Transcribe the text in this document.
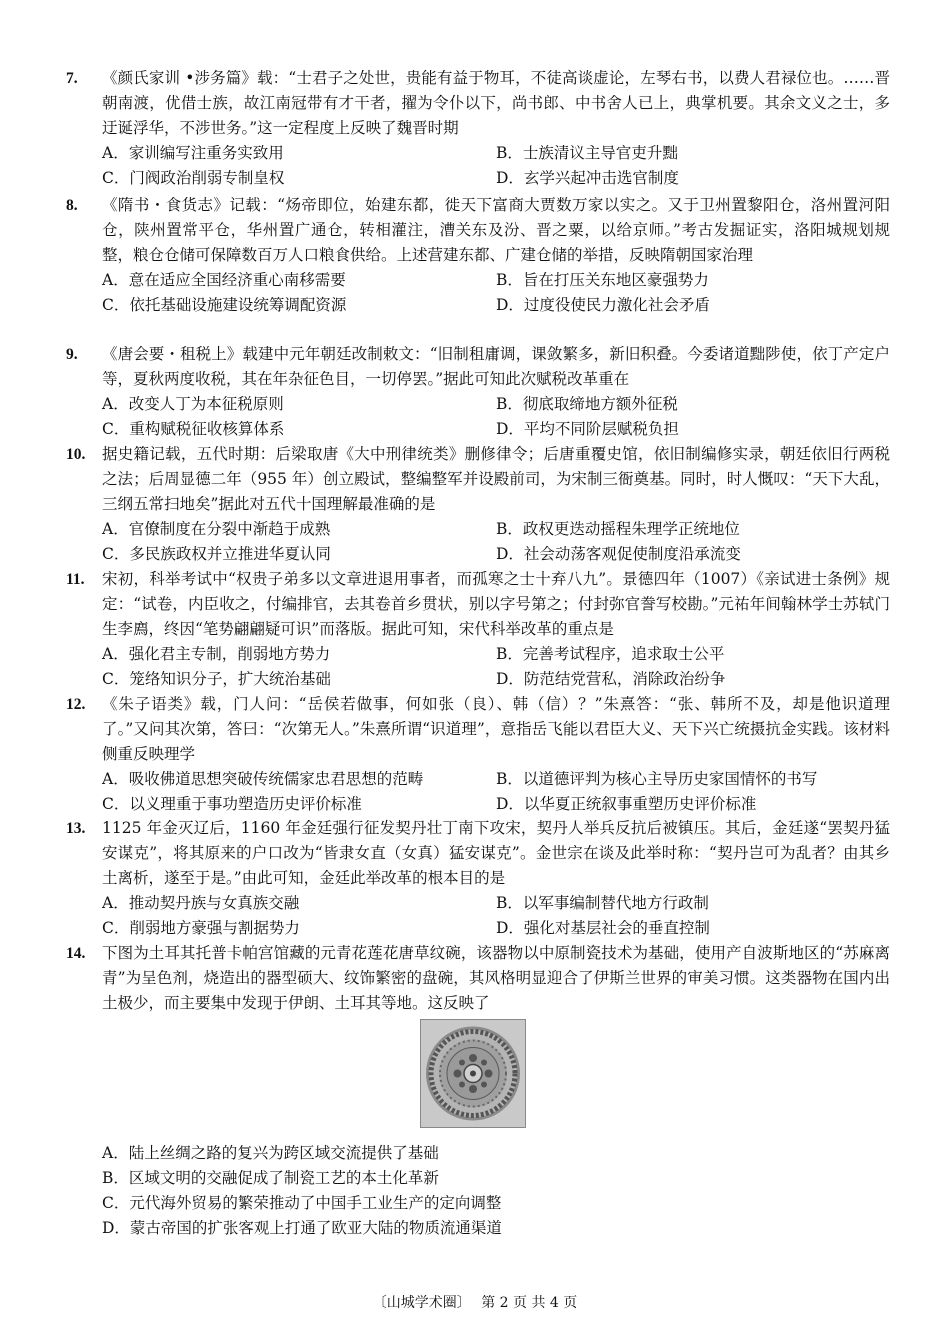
7.	《颜氏家训 •涉务篇》载：“士君子之处世，贵能有益于物耳，不徒高谈虚论，左琴右书，以费人君禄位也。……晋朝南渡，优借士族，故江南冠带有才干者，擢为令仆以下，尚书郎、中书舍人已上，典掌机要。其余文义之士，多迂诞浮华，不涉世务。”这一定程度上反映了魏晋时期
A．家训编写注重务实致用	B．士族清议主导官吏升黜
C．门阀政治削弱专制皇权	D．玄学兴起冲击选官制度
8.	《隋书・食货志》记载：“炀帝即位，始建东都，徙天下富商大贾数万家以实之。又于卫州置黎阳仓，洛州置河阳仓，陕州置常平仓，华州置广通仓，转相灌注，漕关东及汾、晋之粟，以给京师。”考古发掘证实，洛阳城规划规整，粮仓仓储可保障数百万人口粮食供给。上述营建东都、广建仓储的举措，反映隋朝国家治理
A．意在适应全国经济重心南移需要	B．旨在打压关东地区豪强势力
C．依托基础设施建设统筹调配资源	D．过度役使民力激化社会矛盾
9.	《唐会要・租税上》载建中元年朝廷改制敕文：“旧制租庸调，课敛繁多，新旧积叠。今委诸道黜陟使，依丁产定户等，夏秋两度收税，其在年杂征色目，一切停罢。”据此可知此次赋税改革重在
A．改变人丁为本征税原则	B．彻底取缔地方额外征税
C．重构赋税征收核算体系	D．平均不同阶层赋税负担
10.	据史籍记载，五代时期：后梁取唐《大中刑律统类》删修律令；后唐重覆史馆，依旧制编修实录，朝廷依旧行两税之法；后周显德二年（955 年）创立殿试，整编整军并设殿前司，为宋制三衙奠基。同时，时人慨叹：“天下大乱，三纲五常扫地矣”据此对五代十国理解最准确的是
A．官僚制度在分裂中渐趋于成熟	B．政权更迭动摇程朱理学正统地位
C．多民族政权并立推进华夏认同	D．社会动荡客观促使制度沿承流变
11.	宋初，科举考试中“权贵子弟多以文章进退用事者，而孤寒之士十弃八九”。景德四年（1007）《亲试进士条例》规定：“试卷，内臣收之，付编排官，去其卷首乡贯状，别以字号第之；付封弥官誊写校勘。”元祐年间翰林学士苏轼门生李廌，终因“笔势翩翩疑可识”而落版。据此可知，宋代科举改革的重点是
A．强化君主专制，削弱地方势力	B．完善考试程序，追求取士公平
C．笼络知识分子，扩大统治基础	D．防范结党营私，消除政治纷争
12.	《朱子语类》载，门人问：“岳侯若做事，何如张（良）、韩（信）？”朱熹答：“张、韩所不及，却是他识道理了。”又问其次第，答曰：“次第无人。”朱熹所谓“识道理”，意指岳飞能以君臣大义、天下兴亡统摄抗金实践。该材料侧重反映理学
A．吸收佛道思想突破传统儒家忠君思想的范畴	B．以道德评判为核心主导历史家国情怀的书写
C．以义理重于事功塑造历史评价标准	D．以华夏正统叙事重塑历史评价标准
13.	1125 年金灭辽后，1160 年金廷强行征发契丹壮丁南下攻宋，契丹人举兵反抗后被镇压。其后，金廷遂“罢契丹猛安谋克”，将其原来的户口改为“皆隶女直（女真）猛安谋克”。金世宗在谈及此举时称：“契丹岂可为乱者？由其乡土离析，遂至于是。”由此可知，金廷此举改革的根本目的是
A．推动契丹族与女真族交融	B．以军事编制替代地方行政制
C．削弱地方豪强与割据势力	D．强化对基层社会的垂直控制
14.	下图为土耳其托普卡帕宫馆藏的元青花莲花唐草纹碗，该器物以中原制瓷技术为基础，使用产自波斯地区的“苏麻离青”为呈色剂，烧造出的器型硕大、纹饰繁密的盘碗，其风格明显迎合了伊斯兰世界的审美习惯。这类器物在国内出土极少，而主要集中发现于伊朗、土耳其等地。这反映了
A．陆上丝绸之路的复兴为跨区域交流提供了基础
B．区域文明的交融促成了制瓷工艺的本土化革新
C．元代海外贸易的繁荣推动了中国手工业生产的定向调整
D．蒙古帝国的扩张客观上打通了欧亚大陆的物质流通渠道
〔山城学术圈〕 第 2 页 共 4 页
